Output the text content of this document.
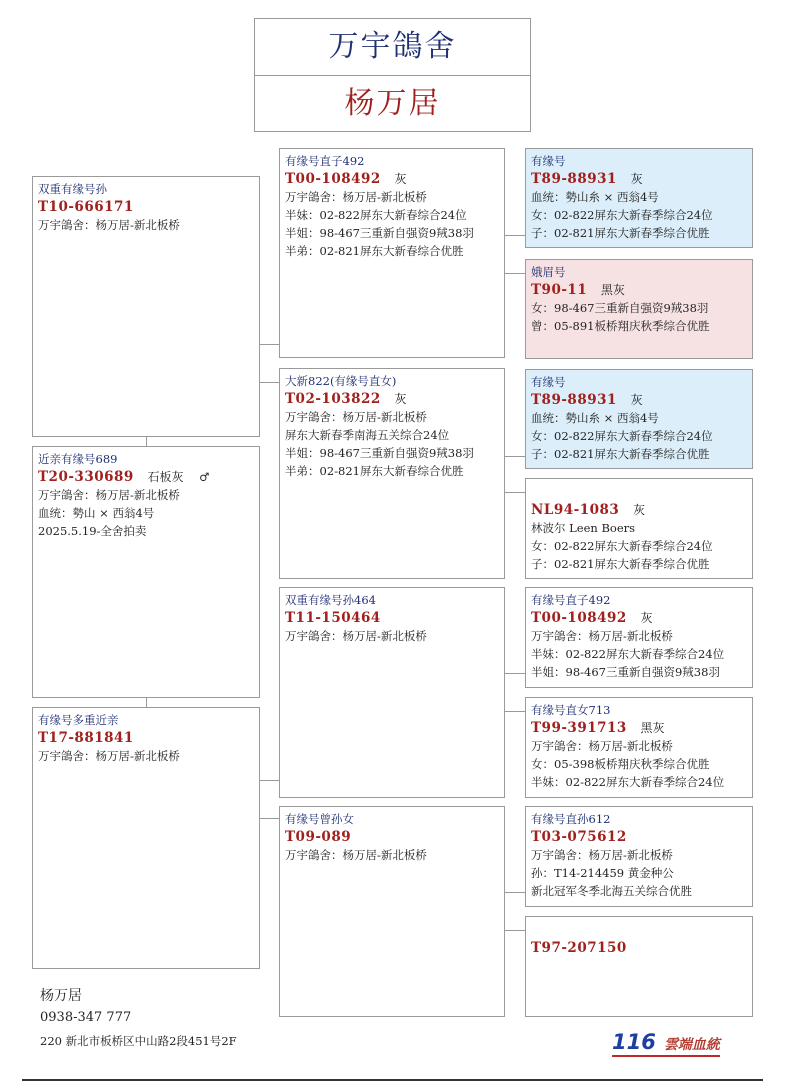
万宇鴿舍
杨万居
双重有缘号孙
T10-666171
万宇鴿舍：杨万居-新北板桥
近亲有缘号689
T20-330689 石板灰 ♂
万宇鴿舍：杨万居-新北板桥
血统：勢山 × 西翁4号
2025.5.19-全舍拍卖
有缘号多重近亲
T17-881841
万宇鴿舍：杨万居-新北板桥
有缘号直子492
T00-108492 灰
万宇鴿舍：杨万居-新北板桥
半妹：02-822屏东大新春综合24位
半姐：98-467三重新自强资9羢38羽
半弟：02-821屏东大新春综合优胜
大新822(有缘号直女)
T02-103822 灰
万宇鴿舍：杨万居-新北板桥
屏东大新春季南海五关综合24位
半姐：98-467三重新自强资9羢38羽
半弟：02-821屏东大新春综合优胜
双重有缘号孙464
T11-150464
万宇鴿舍：杨万居-新北板桥
有缘号曾孙女
T09-089
万宇鴿舍：杨万居-新北板桥
有缘号
T89-88931 灰
血统：勢山糸 × 西翁4号
女：02-822屏东大新春季综合24位
子：02-821屏东大新春季综合优胜
娥眉号
T90-11 黑灰
女：98-467三重新自强资9羢38羽
曾：05-891板桥翔庆秋季综合优胜
有缘号
T89-88931 灰
血统：勢山糸 × 西翁4号
女：02-822屏东大新春季综合24位
子：02-821屏东大新春季综合优胜
NL94-1083 灰
林波尔 Leen Boers
女：02-822屏东大新春季综合24位
子：02-821屏东大新春季综合优胜
有缘号直子492
T00-108492 灰
万宇鴿舍：杨万居-新北板桥
半妹：02-822屏东大新春季综合24位
半姐：98-467三重新自强资9羢38羽
有缘号直女713
T99-391713 黑灰
万宇鴿舍：杨万居-新北板桥
女：05-398板桥翔庆秋季综合优胜
半妹：02-822屏东大新春季综合24位
有缘号直孙612
T03-075612
万宇鴿舍：杨万居-新北板桥
孙：T14-214459 黄金种公
新北冠军冬季北海五关综合优胜
T97-207150
杨万居
0938-347 777
220 新北市板桥区中山路2段451号2F	116 雲端血統
